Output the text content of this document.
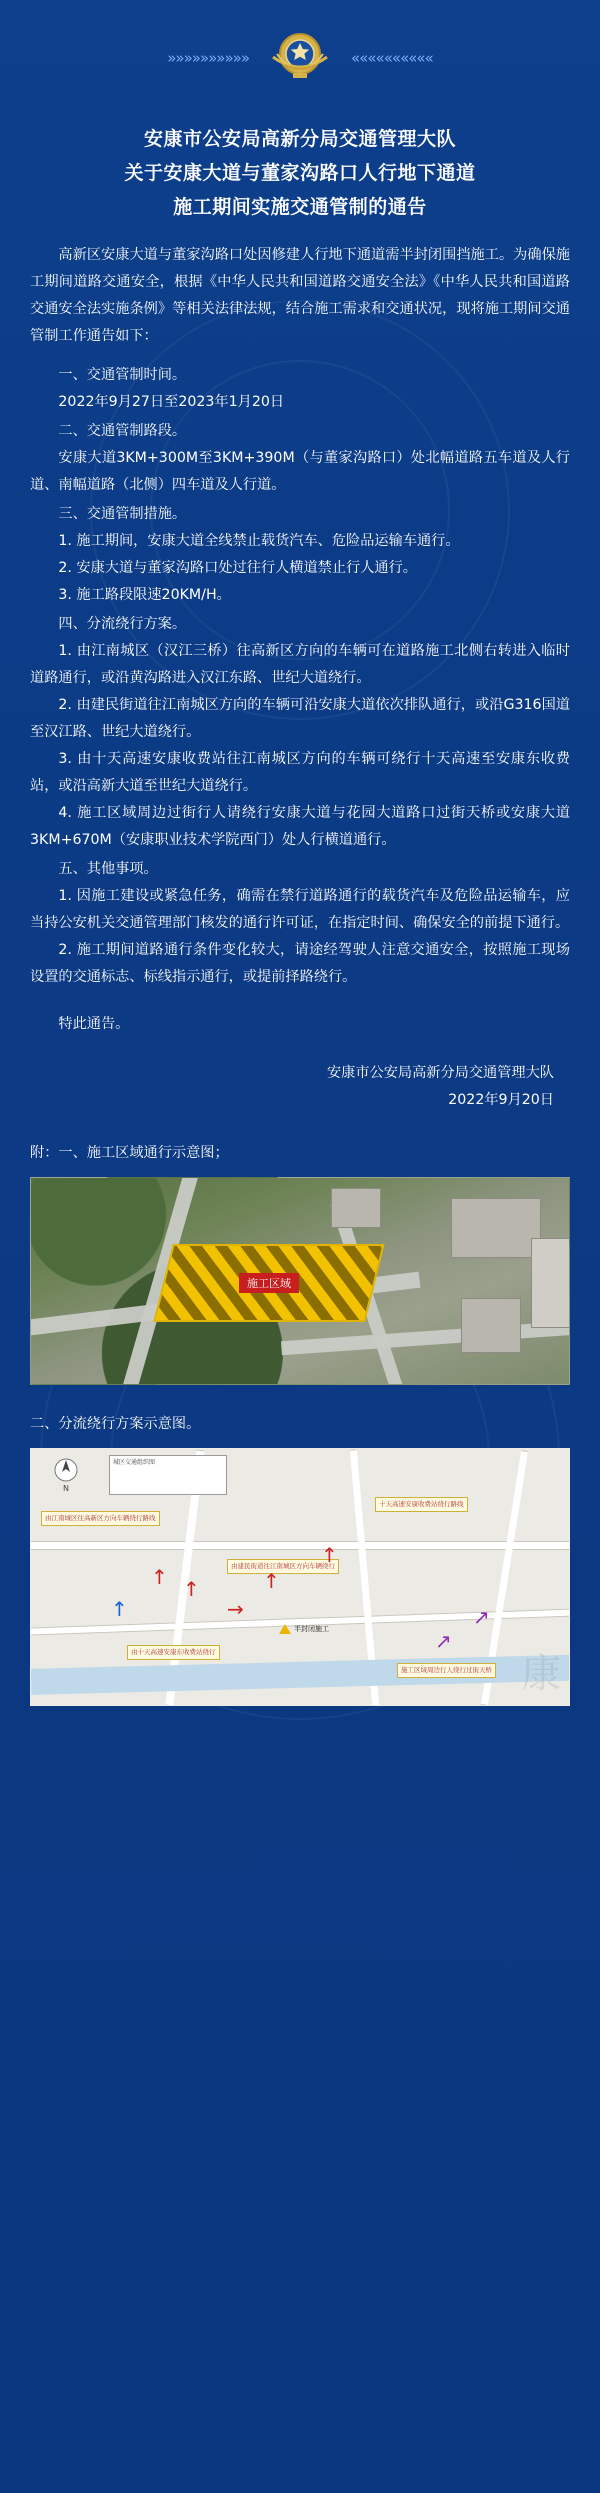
»»»»»»»»»»	««««««««««
安康市公安局高新分局交通管理大队
关于安康大道与董家沟路口人行地下通道
施工期间实施交通管制的通告

高新区安康大道与董家沟路口处因修建人行地下通道需半封闭围挡施工。为确保施工期间道路交通安全，根据《中华人民共和国道路交通安全法》《中华人民共和国道路交通安全法实施条例》等相关法律法规，结合施工需求和交通状况，现将施工期间交通管制工作通告如下：

一、交通管制时间。

2022年9月27日至2023年1月20日

二、交通管制路段。

安康大道3KM+300M至3KM+390M（与董家沟路口）处北幅道路五车道及人行道、南幅道路（北侧）四车道及人行道。

三、交通管制措施。

1. 施工期间，安康大道全线禁止载货汽车、危险品运输车通行。

2. 安康大道与董家沟路口处过往行人横道禁止行人通行。

3. 施工路段限速20KM/H。

四、分流绕行方案。

1. 由江南城区（汉江三桥）往高新区方向的车辆可在道路施工北侧右转进入临时道路通行，或沿黄沟路进入汉江东路、世纪大道绕行。

2. 由建民街道往江南城区方向的车辆可沿安康大道依次排队通行，或沿G316国道至汉江路、世纪大道绕行。

3. 由十天高速安康收费站往江南城区方向的车辆可绕行十天高速至安康东收费站，或沿高新大道至世纪大道绕行。

4. 施工区域周边过街行人请绕行安康大道与花园大道路口过街天桥或安康大道3KM+670M（安康职业技术学院西门）处人行横道通行。

五、其他事项。

1. 因施工建设或紧急任务，确需在禁行道路通行的载货汽车及危险品运输车，应当持公安机关交通管理部门核发的通行许可证，在指定时间、确保安全的前提下通行。

2. 施工期间道路通行条件变化较大，请途经驾驶人注意交通安全，按照施工现场设置的交通标志、标线指示通行，或提前择路绕行。

特此通告。

安康市公安局高新分局交通管理大队
2022年9月20日
附：一、施工区域通行示意图；
施工区域
二、分流绕行方案示意图。
N
城区交通组织图
由江南城区往高新区方向车辆绕行路线
由建民街道往江南城区方向车辆绕行
十天高速安康收费站绕行路线
由十天高速安康东收费站绕行
施工区域周边行人绕行过街天桥
↑ ↑	↑
↑
→
↑
↗
↗
半封闭施工
康
